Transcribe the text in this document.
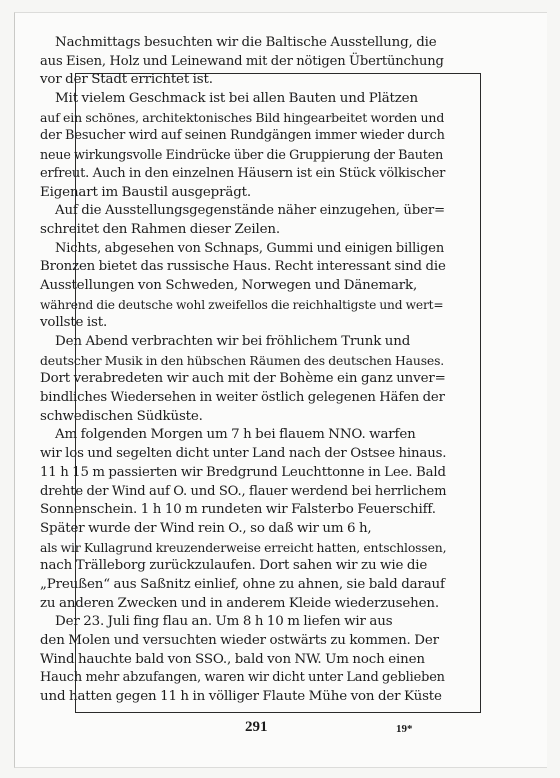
Nachmittags besuchten wir die Baltische Ausstellung, die
aus Eisen, Holz und Leinewand mit der nötigen Übertünchung
vor der Stadt errichtet ist.
Mit vielem Geschmack ist bei allen Bauten und Plätzen
auf ein schönes, architektonisches Bild hingearbeitet worden und
der Besucher wird auf seinen Rundgängen immer wieder durch
neue wirkungsvolle Eindrücke über die Gruppierung der Bauten
erfreut. Auch in den einzelnen Häusern ist ein Stück völkischer
Eigenart im Baustil ausgeprägt.
Auf die Ausstellungsgegenstände näher einzugehen, über=
schreitet den Rahmen dieser Zeilen.
Nichts, abgesehen von Schnaps, Gummi und einigen billigen
Bronzen bietet das russische Haus. Recht interessant sind die
Ausstellungen von Schweden, Norwegen und Dänemark,
während die deutsche wohl zweifellos die reichhaltigste und wert=
vollste ist.
Den Abend verbrachten wir bei fröhlichem Trunk und
deutscher Musik in den hübschen Räumen des deutschen Hauses.
Dort verabredeten wir auch mit der Bohème ein ganz unver=
bindliches Wiedersehen in weiter östlich gelegenen Häfen der
schwedischen Südküste.
Am folgenden Morgen um 7 h bei flauem NNO. warfen
wir los und segelten dicht unter Land nach der Ostsee hinaus.
11 h 15 m passierten wir Bredgrund Leuchttonne in Lee. Bald
drehte der Wind auf O. und SO., flauer werdend bei herrlichem
Sonnenschein. 1 h 10 m rundeten wir Falsterbo Feuerschiff.
Später wurde der Wind rein O., so daß wir um 6 h,
als wir Kullagrund kreuzenderweise erreicht hatten, entschlossen,
nach Trälleborg zurückzulaufen. Dort sahen wir zu wie die
„Preußen“ aus Saßnitz einlief, ohne zu ahnen, sie bald darauf
zu anderen Zwecken und in anderem Kleide wiederzusehen.
Der 23. Juli fing flau an. Um 8 h 10 m liefen wir aus
den Molen und versuchten wieder ostwärts zu kommen. Der
Wind hauchte bald von SSO., bald von NW. Um noch einen
Hauch mehr abzufangen, waren wir dicht unter Land geblieben
und hatten gegen 11 h in völliger Flaute Mühe von der Küste
291	19*
